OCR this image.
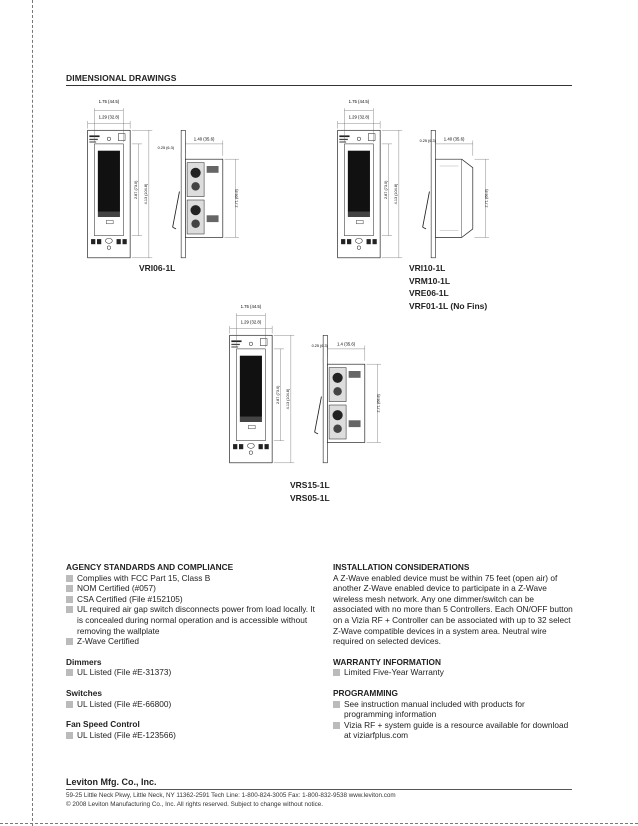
DIMENSIONAL DRAWINGS
1.75 (44.5)
1.29 (32.8)
0.25 (6.3)
1.40 (35.6)
2.87 (73.0) 4.13 (104.8)	2.71 (68.8)
1.75 (44.5)
1.29 (32.8)
0.25 (6.3) 1.40 (35.6)
2.87 (73.0) 4.13 (104.8)	2.71 (68.8)
1.75 (44.5)
1.29 (32.8)
0.25 (6.3) 1.4 (35.6)
2.87 (73.0) 4.13 (104.8)	2.71 (68.8)
VRI06-1L	VRI10-1L
VRM10-1L
VRE06-1L
VRF01-1L (No Fins)
VRS15-1L
VRS05-1L
AGENCY STANDARDS AND COMPLIANCE
Complies with FCC Part 15, Class B
NOM Certified (#057)
CSA Certified (File #152105)
UL required air gap switch disconnects power from load locally. It is concealed during normal operation and is accessible without removing the wallplate
Z-Wave Certified
Dimmers
UL Listed (File #E-31373)
Switches
UL Listed (File #E-66800)
Fan Speed Control
UL Listed (File #E-123566)
INSTALLATION CONSIDERATIONS
A Z-Wave enabled device must be within 75 feet (open air) of another Z-Wave enabled device to participate in a Z-Wave wireless mesh network. Any one dimmer/switch can be associated with no more than 5 Controllers. Each ON/OFF button on a Vizia RF + Controller can be associated with up to 32 select Z-Wave compatible devices in a system area. Neutral wire required on selected devices.
WARRANTY INFORMATION
Limited Five-Year Warranty
PROGRAMMING
See instruction manual included with products for programming information
Vizia RF + system guide is a resource available for download at viziarfplus.com
Leviton Mfg. Co., Inc.
59-25 Little Neck Pkwy, Little Neck, NY 11362-2591 Tech Line: 1-800-824-3005 Fax: 1-800-832-9538 www.leviton.com
© 2008 Leviton Manufacturing Co., Inc. All rights reserved. Subject to change without notice.
